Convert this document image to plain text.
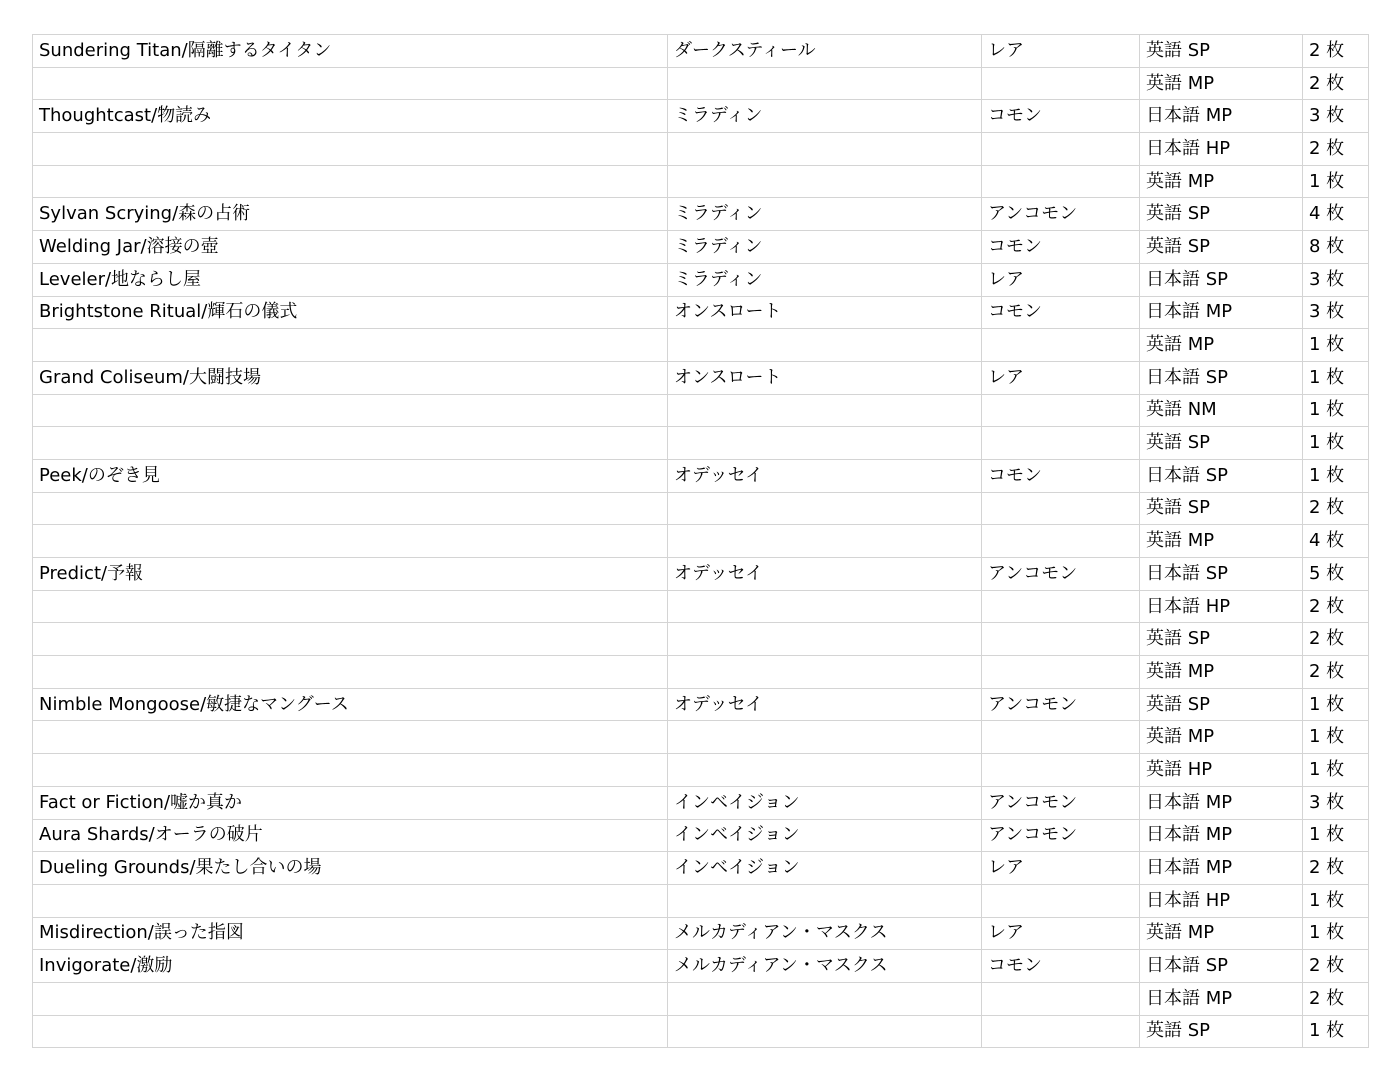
Sundering Titan/隔離するタイタン	ダークスティール	レア	英語 SP	2 枚
			英語 MP	2 枚
Thoughtcast/物読み	ミラディン	コモン	日本語 MP	3 枚
			日本語 HP	2 枚
			英語 MP	1 枚
Sylvan Scrying/森の占術	ミラディン	アンコモン	英語 SP	4 枚
Welding Jar/溶接の壺	ミラディン	コモン	英語 SP	8 枚
Leveler/地ならし屋	ミラディン	レア	日本語 SP	3 枚
Brightstone Ritual/輝石の儀式	オンスロート	コモン	日本語 MP	3 枚
			英語 MP	1 枚
Grand Coliseum/大闘技場	オンスロート	レア	日本語 SP	1 枚
			英語 NM	1 枚
			英語 SP	1 枚
Peek/のぞき見	オデッセイ	コモン	日本語 SP	1 枚
			英語 SP	2 枚
			英語 MP	4 枚
Predict/予報	オデッセイ	アンコモン	日本語 SP	5 枚
			日本語 HP	2 枚
			英語 SP	2 枚
			英語 MP	2 枚
Nimble Mongoose/敏捷なマングース	オデッセイ	アンコモン	英語 SP	1 枚
			英語 MP	1 枚
			英語 HP	1 枚
Fact or Fiction/嘘か真か	インベイジョン	アンコモン	日本語 MP	3 枚
Aura Shards/オーラの破片	インベイジョン	アンコモン	日本語 MP	1 枚
Dueling Grounds/果たし合いの場	インベイジョン	レア	日本語 MP	2 枚
			日本語 HP	1 枚
Misdirection/誤った指図	メルカディアン・マスクス	レア	英語 MP	1 枚
Invigorate/激励	メルカディアン・マスクス	コモン	日本語 SP	2 枚
			日本語 MP	2 枚
			英語 SP	1 枚
